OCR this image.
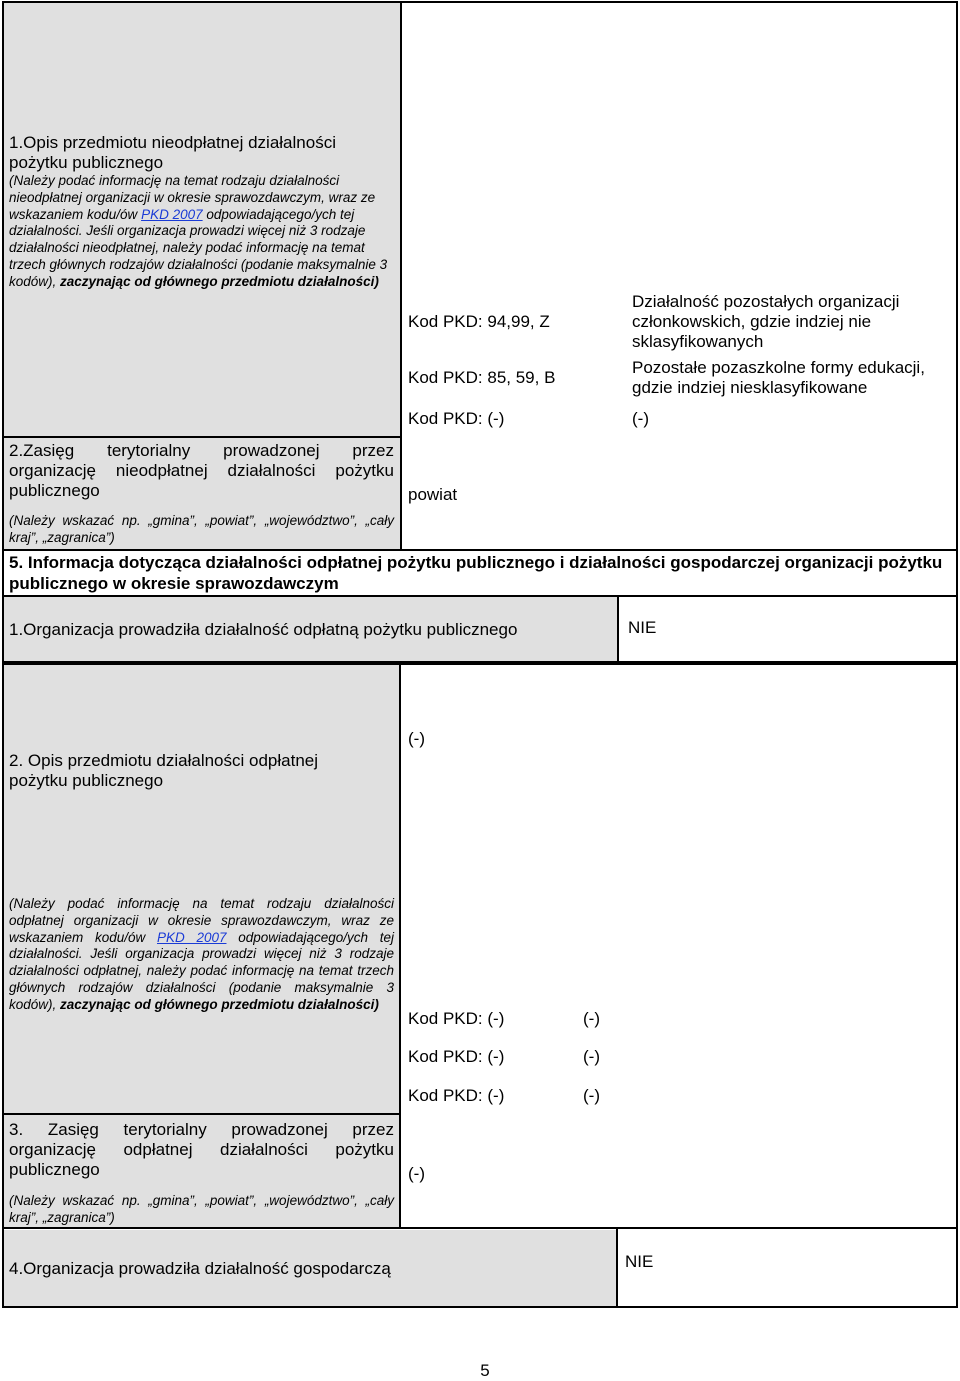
1.Opis przedmiotu nieodpłatnej działalności pożytku publicznego
(Należy podać informację na temat rodzaju działalności nieodpłatnej organizacji w okresie sprawozdawczym, wraz ze wskazaniem kodu/ów PKD 2007 odpowiadającego/ych tej działalności. Jeśli organizacja prowadzi więcej niż 3 rodzaje działalności nieodpłatnej, należy podać informację na temat trzech głównych rodzajów działalności (podanie maksymalnie 3 kodów), zaczynając od głównego przedmiotu działalności)
Kod PKD: 94,99, Z
Działalność pozostałych organizacji członkowskich, gdzie indziej nie sklasyfikowanych
Kod PKD: 85, 59, B
Pozostałe pozaszkolne formy edukacji, gdzie indziej niesklasyfikowane
Kod PKD: (-)	(-)
2.Zasięg terytorialny prowadzonej przez organizację nieodpłatnej działalności pożytku publicznego	powiat
(Należy wskazać np. „gmina”, „powiat”, „województwo”, „cały kraj”, „zagranica”)
5. Informacja dotycząca działalności odpłatnej pożytku publicznego i działalności gospodarczej organizacji pożytku publicznego w okresie sprawozdawczym
1.Organizacja prowadziła działalność odpłatną pożytku publicznego	NIE
2. Opis przedmiotu działalności odpłatnej pożytku publicznego
(-)
(Należy podać informację na temat rodzaju działalności odpłatnej organizacji w okresie sprawozdawczym, wraz ze wskazaniem kodu/ów PKD 2007 odpowiadającego/ych tej działalności. Jeśli organizacja prowadzi więcej niż 3 rodzaje działalności odpłatnej, należy podać informację na temat trzech głównych rodzajów działalności (podanie maksymalnie 3 kodów), zaczynając od głównego przedmiotu działalności)
Kod PKD: (-)	(-)
Kod PKD: (-)	(-)
Kod PKD: (-)	(-)
3. Zasięg terytorialny prowadzonej przez organizację odpłatnej działalności pożytku publicznego	(-)
(Należy wskazać np. „gmina”, „powiat”, „województwo”, „cały kraj”, „zagranica”)
4.Organizacja prowadziła działalność gospodarczą	NIE
5
